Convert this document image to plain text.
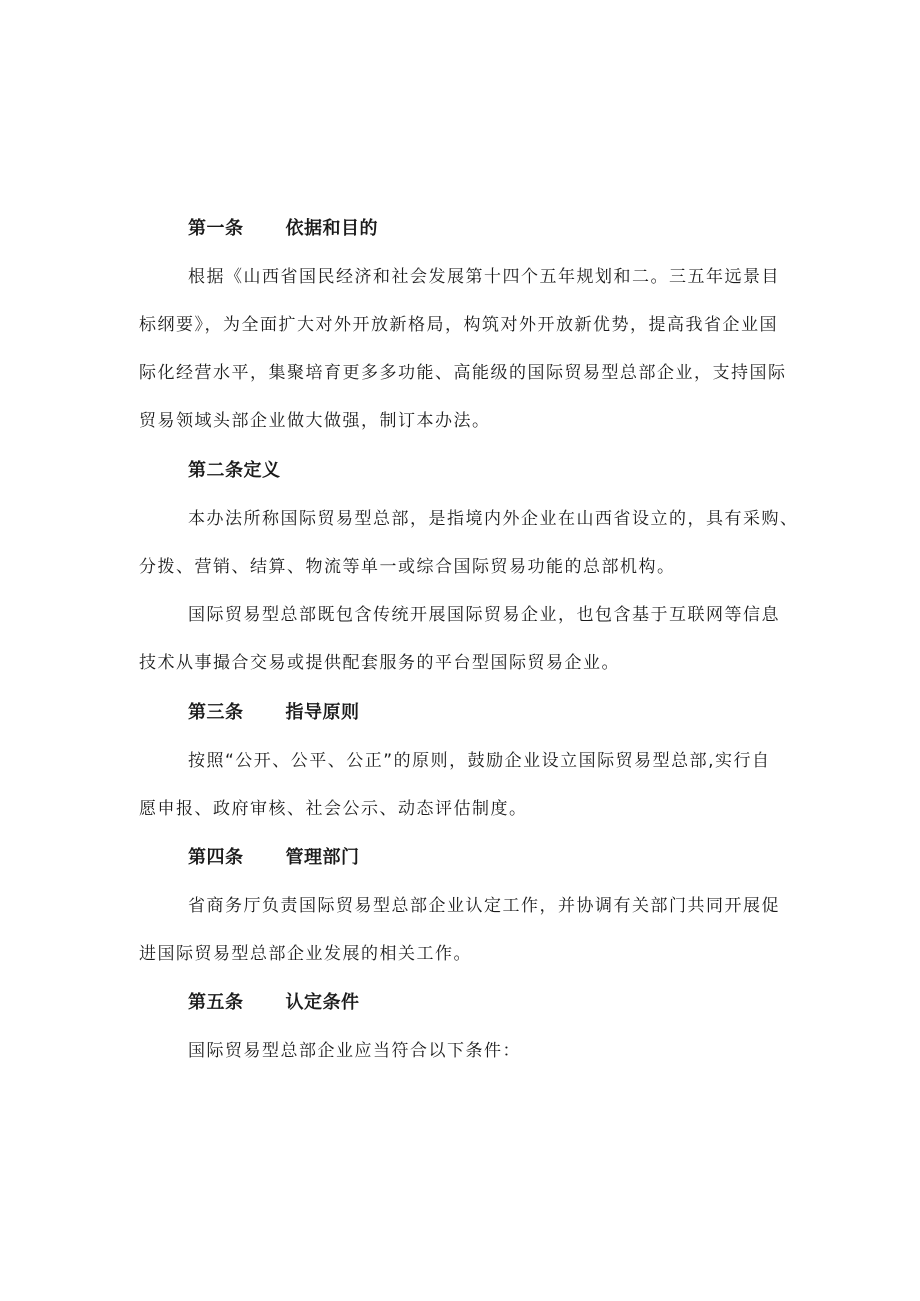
第一条 依据和目的
根据《山西省国民经济和社会发展第十四个五年规划和二。三五年远景目
标纲要》，为全面扩大对外开放新格局，构筑对外开放新优势，提高我省企业国
际化经营水平，集聚培育更多多功能、高能级的国际贸易型总部企业，支持国际
贸易领域头部企业做大做强，制订本办法。
第二条定义
本办法所称国际贸易型总部，是指境内外企业在山西省设立的，具有采购、
分拨、营销、结算、物流等单一或综合国际贸易功能的总部机构。
国际贸易型总部既包含传统开展国际贸易企业，也包含基于互联网等信息
技术从事撮合交易或提供配套服务的平台型国际贸易企业。
第三条 指导原则
按照“公开、公平、公正”的原则，鼓励企业设立国际贸易型总部,实行自
愿申报、政府审核、社会公示、动态评估制度。
第四条 管理部门
省商务厅负责国际贸易型总部企业认定工作，并协调有关部门共同开展促
进国际贸易型总部企业发展的相关工作。
第五条 认定条件
国际贸易型总部企业应当符合以下条件：
